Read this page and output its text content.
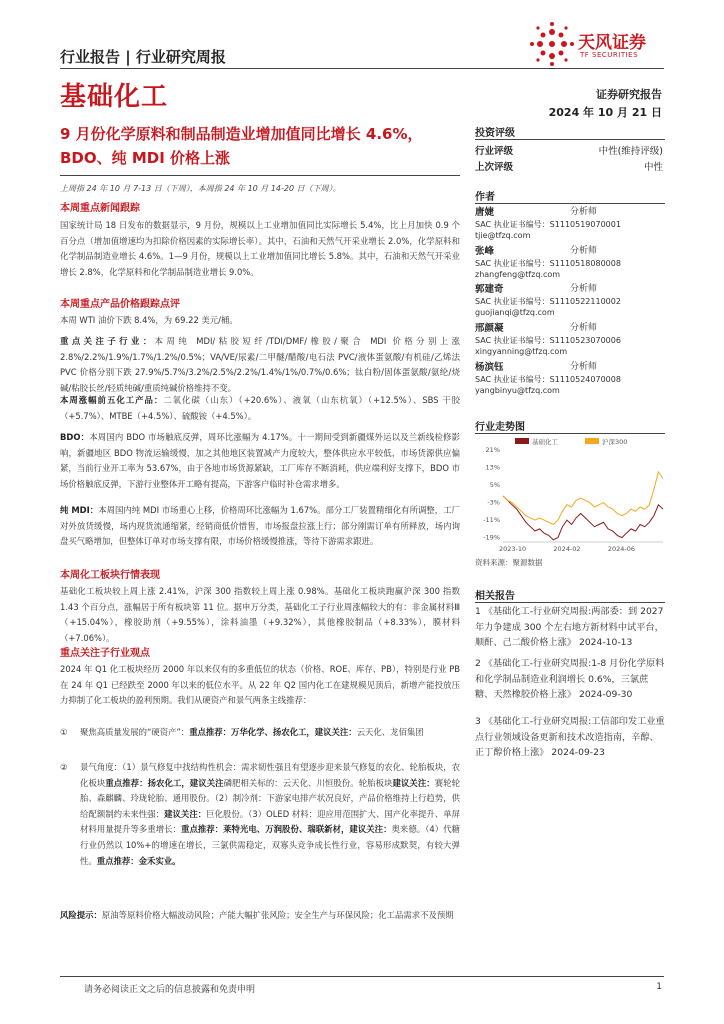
行业报告 | 行业研究周报
天风证券
TF SECURITIES
基础化工	证券研究报告
2024 年 10 月 21 日
9 月份化学原料和制品制造业增加值同比增长 4.6%，BDO、纯 MDI 价格上涨
上周指 24 年 10 月 7-13 日（下周），本周指 24 年 10 月 14-20 日（下周）。
本周重点新闻跟踪
国家统计局 18 日发布的数据显示，9 月份，规模以上工业增加值同比实际增长 5.4%，比上月加快 0.9 个百分点（增加值增速均为扣除价格因素的实际增长率）。其中，石油和天然气开采业增长 2.0%，化学原料和化学制品制造业增长 4.6%。1—9 月份，规模以上工业增加值同比增长 5.8%。其中，石油和天然气开采业增长 2.8%，化学原料和化学制品制造业增长 9.0%。
本周重点产品价格跟踪点评
本周 WTI 油价下跌 8.4%，为 69.22 美元/桶。
重点关注子行业：本周纯 MDI/粘胶短纤/TDI/DMF/橡胶/聚合 MDI 价格分别上涨 2.8%/2.2%/1.9%/1.7%/1.2%/0.5%；VA/VE/尿素/二甲醚/醋酸/电石法 PVC/液体蛋氨酸/有机硅/乙烯法 PVC 价格分别下跌 27.9%/5.7%/3.2%/2.5%/2.2%/1.4%/1%/0.7%/0.6%；钛白粉/固体蛋氨酸/氨纶/烧碱/粘胶长丝/轻质纯碱/重质纯碱价格维持不变。
本周涨幅前五化工产品：二氧化碳（山东）（+20.6%）、液氧（山东杭氧）（+12.5%）、SBS 干胶（+5.7%）、MTBE（+4.5%）、硫酸铵（+4.5%）。
BDO：本周国内 BDO 市场触底反弹，周环比涨幅为 4.17%。十一期间受到新疆煤外运以及兰新线检修影响，新疆地区 BDO 物流运输缓慢，加之其他地区装置减产力度较大，整体供应水平较低，市场货源供应偏紧，当前行业开工率为 53.67%，由于各地市场货源紧缺，工厂库存不断消耗，供应端利好支撑下，BDO 市场价格触底反弹，下游行业整体开工略有提高，下游客户临时补仓需求增多。
纯 MDI：本周国内纯 MDI 市场重心上移，价格周环比涨幅为 1.67%。部分工厂装置精细化有所调整，工厂对外放货缓慢，场内现货流通缩紧，经销商低价惜售，市场报盘拉涨上行；部分刚需订单有所释放，场内询盘买气略增加，但整体订单对市场支撑有限，市场价格缓慢推涨，等待下游需求跟进。
本周化工板块行情表现
基础化工板块较上周上涨 2.41%，沪深 300 指数较上周上涨 0.98%。基础化工板块跑赢沪深 300 指数 1.43 个百分点，涨幅居于所有板块第 11 位。据申万分类，基础化工子行业周涨幅较大的有：非金属材料Ⅲ（+15.04%），橡胶助剂（+9.55%），涂料油墨（+9.32%），其他橡胶制品（+8.33%），膜材料（+7.06%）。
重点关注子行业观点
2024 年 Q1 化工板块经历 2000 年以来仅有的多重低位的状态（价格、ROE、库存、PB），特别是行业 PB 在 24 年 Q1 已经跌至 2000 年以来的低位水平。从 22 年 Q2 国内化工在建规模见顶后，新增产能投放压力抑制了化工板块的盈利预期。我们从硬资产和景气两条主线推荐：
① 聚焦高质量发展的“硬资产”：重点推荐：万华化学、扬农化工，建议关注：云天化、龙佰集团
② 景气角度：（1）景气修复中找结构性机会：需求韧性强且有望逐步迎来景气修复的农化、轮胎板块，农化板块重点推荐：扬农化工，建议关注磷肥相关标的：云天化、川恒股份。轮胎板块建议关注：赛轮轮胎、森麒麟、玲珑轮胎、通用股份。（2）制冷剂：下游家电排产状况良好，产品价格维持上行趋势，供给配额制约未来性强：建议关注：巨化股份。（3）OLED 材料：迎应用范围扩大、国产化率提升、单屏材料用量提升等多重增长：重点推荐：莱特光电、万润股份、瑞联新材，建议关注：奥来德。（4）代糖行业仍然以 10%+的增速在增长，三氯供需稳定，双寡头竞争成长性行业，容易形成默契，有较大弹性。重点推荐：金禾实业。
风险提示：原油等原料价格大幅波动风险；产能大幅扩张风险；安全生产与环保风险；化工品需求不及预期
投资评级
行业评级	中性(维持评级)
上次评级	中性
作者
唐婕	分析师
SAC 执业证书编号：S1110519070001
tjie@tfzq.com
张峰	分析师
SAC 执业证书编号：S1110518080008
zhangfeng@tfzq.com
郭建奇	分析师
SAC 执业证书编号：S1110522110002
guojianqi@tfzq.com
邢颜凝	分析师
SAC 执业证书编号：S1110523070006
xingyanning@tfzq.com
杨滨钰	分析师
SAC 执业证书编号：S1110524070008
yangbinyu@tfzq.com
行业走势图
基础化工	沪深300
21%
13%
5%
-3%
-11%
-19%
2023-10	2024-02	2024-06
资料来源：聚源数据
相关报告
1 《基础化工-行业研究周报:两部委：到 2027 年力争建成 300 个左右地方新材料中试平台，顺酐、己二酸价格上涨》 2024-10-13
2 《基础化工-行业研究周报:1-8 月份化学原料和化学制品制造业利润增长 0.6%，三氯蔗糖、天然橡胶价格上涨》 2024-09-30
3 《基础化工-行业研究周报:工信部印发工业重点行业领域设备更新和技术改造指南，辛醇、正丁醇价格上涨》 2024-09-23
请务必阅读正文之后的信息披露和免责申明	1
